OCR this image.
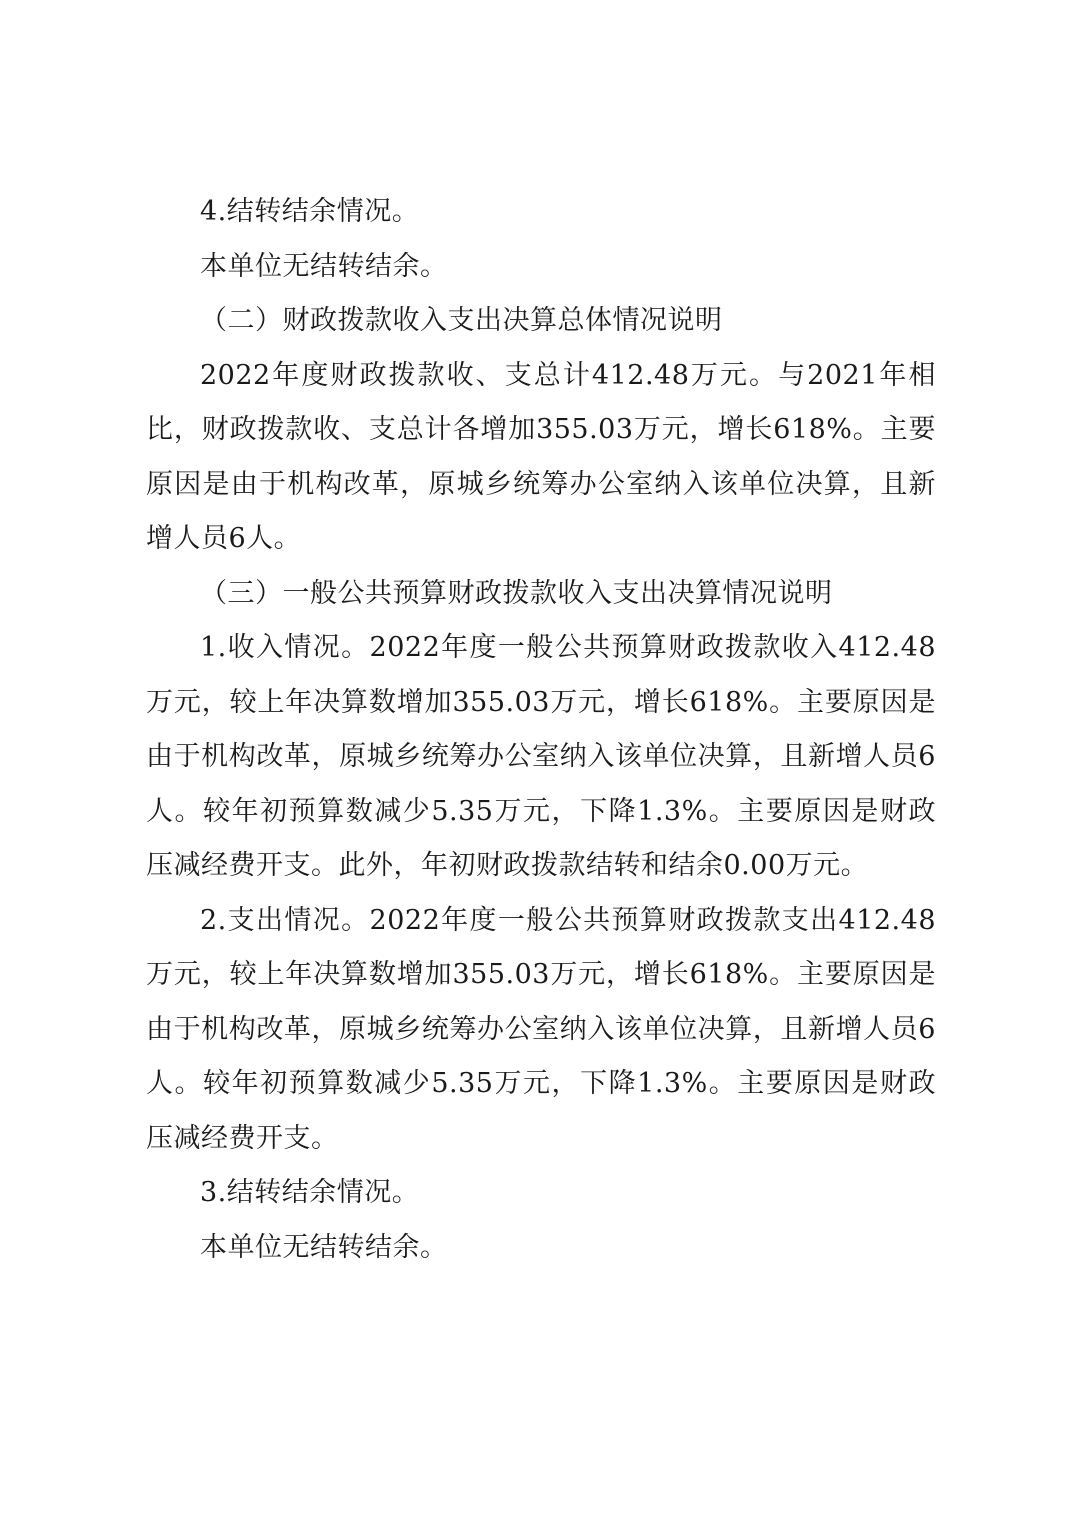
4.结转结余情况。

本单位无结转结余。

（二）财政拨款收入支出决算总体情况说明

2022年度财政拨款收、支总计412.48万元。与2021年相比，财政拨款收、支总计各增加355.03万元，增长618%。主要原因是由于机构改革，原城乡统筹办公室纳入该单位决算，且新增人员6人。

（三）一般公共预算财政拨款收入支出决算情况说明

1.收入情况。2022年度一般公共预算财政拨款收入412.48万元，较上年决算数增加355.03万元，增长618%。主要原因是由于机构改革，原城乡统筹办公室纳入该单位决算，且新增人员6人。较年初预算数减少5.35万元，下降1.3%。主要原因是财政压减经费开支。此外，年初财政拨款结转和结余0.00万元。

2.支出情况。2022年度一般公共预算财政拨款支出412.48万元，较上年决算数增加355.03万元，增长618%。主要原因是由于机构改革，原城乡统筹办公室纳入该单位决算，且新增人员6人。较年初预算数减少5.35万元，下降1.3%。主要原因是财政压减经费开支。

3.结转结余情况。

本单位无结转结余。
